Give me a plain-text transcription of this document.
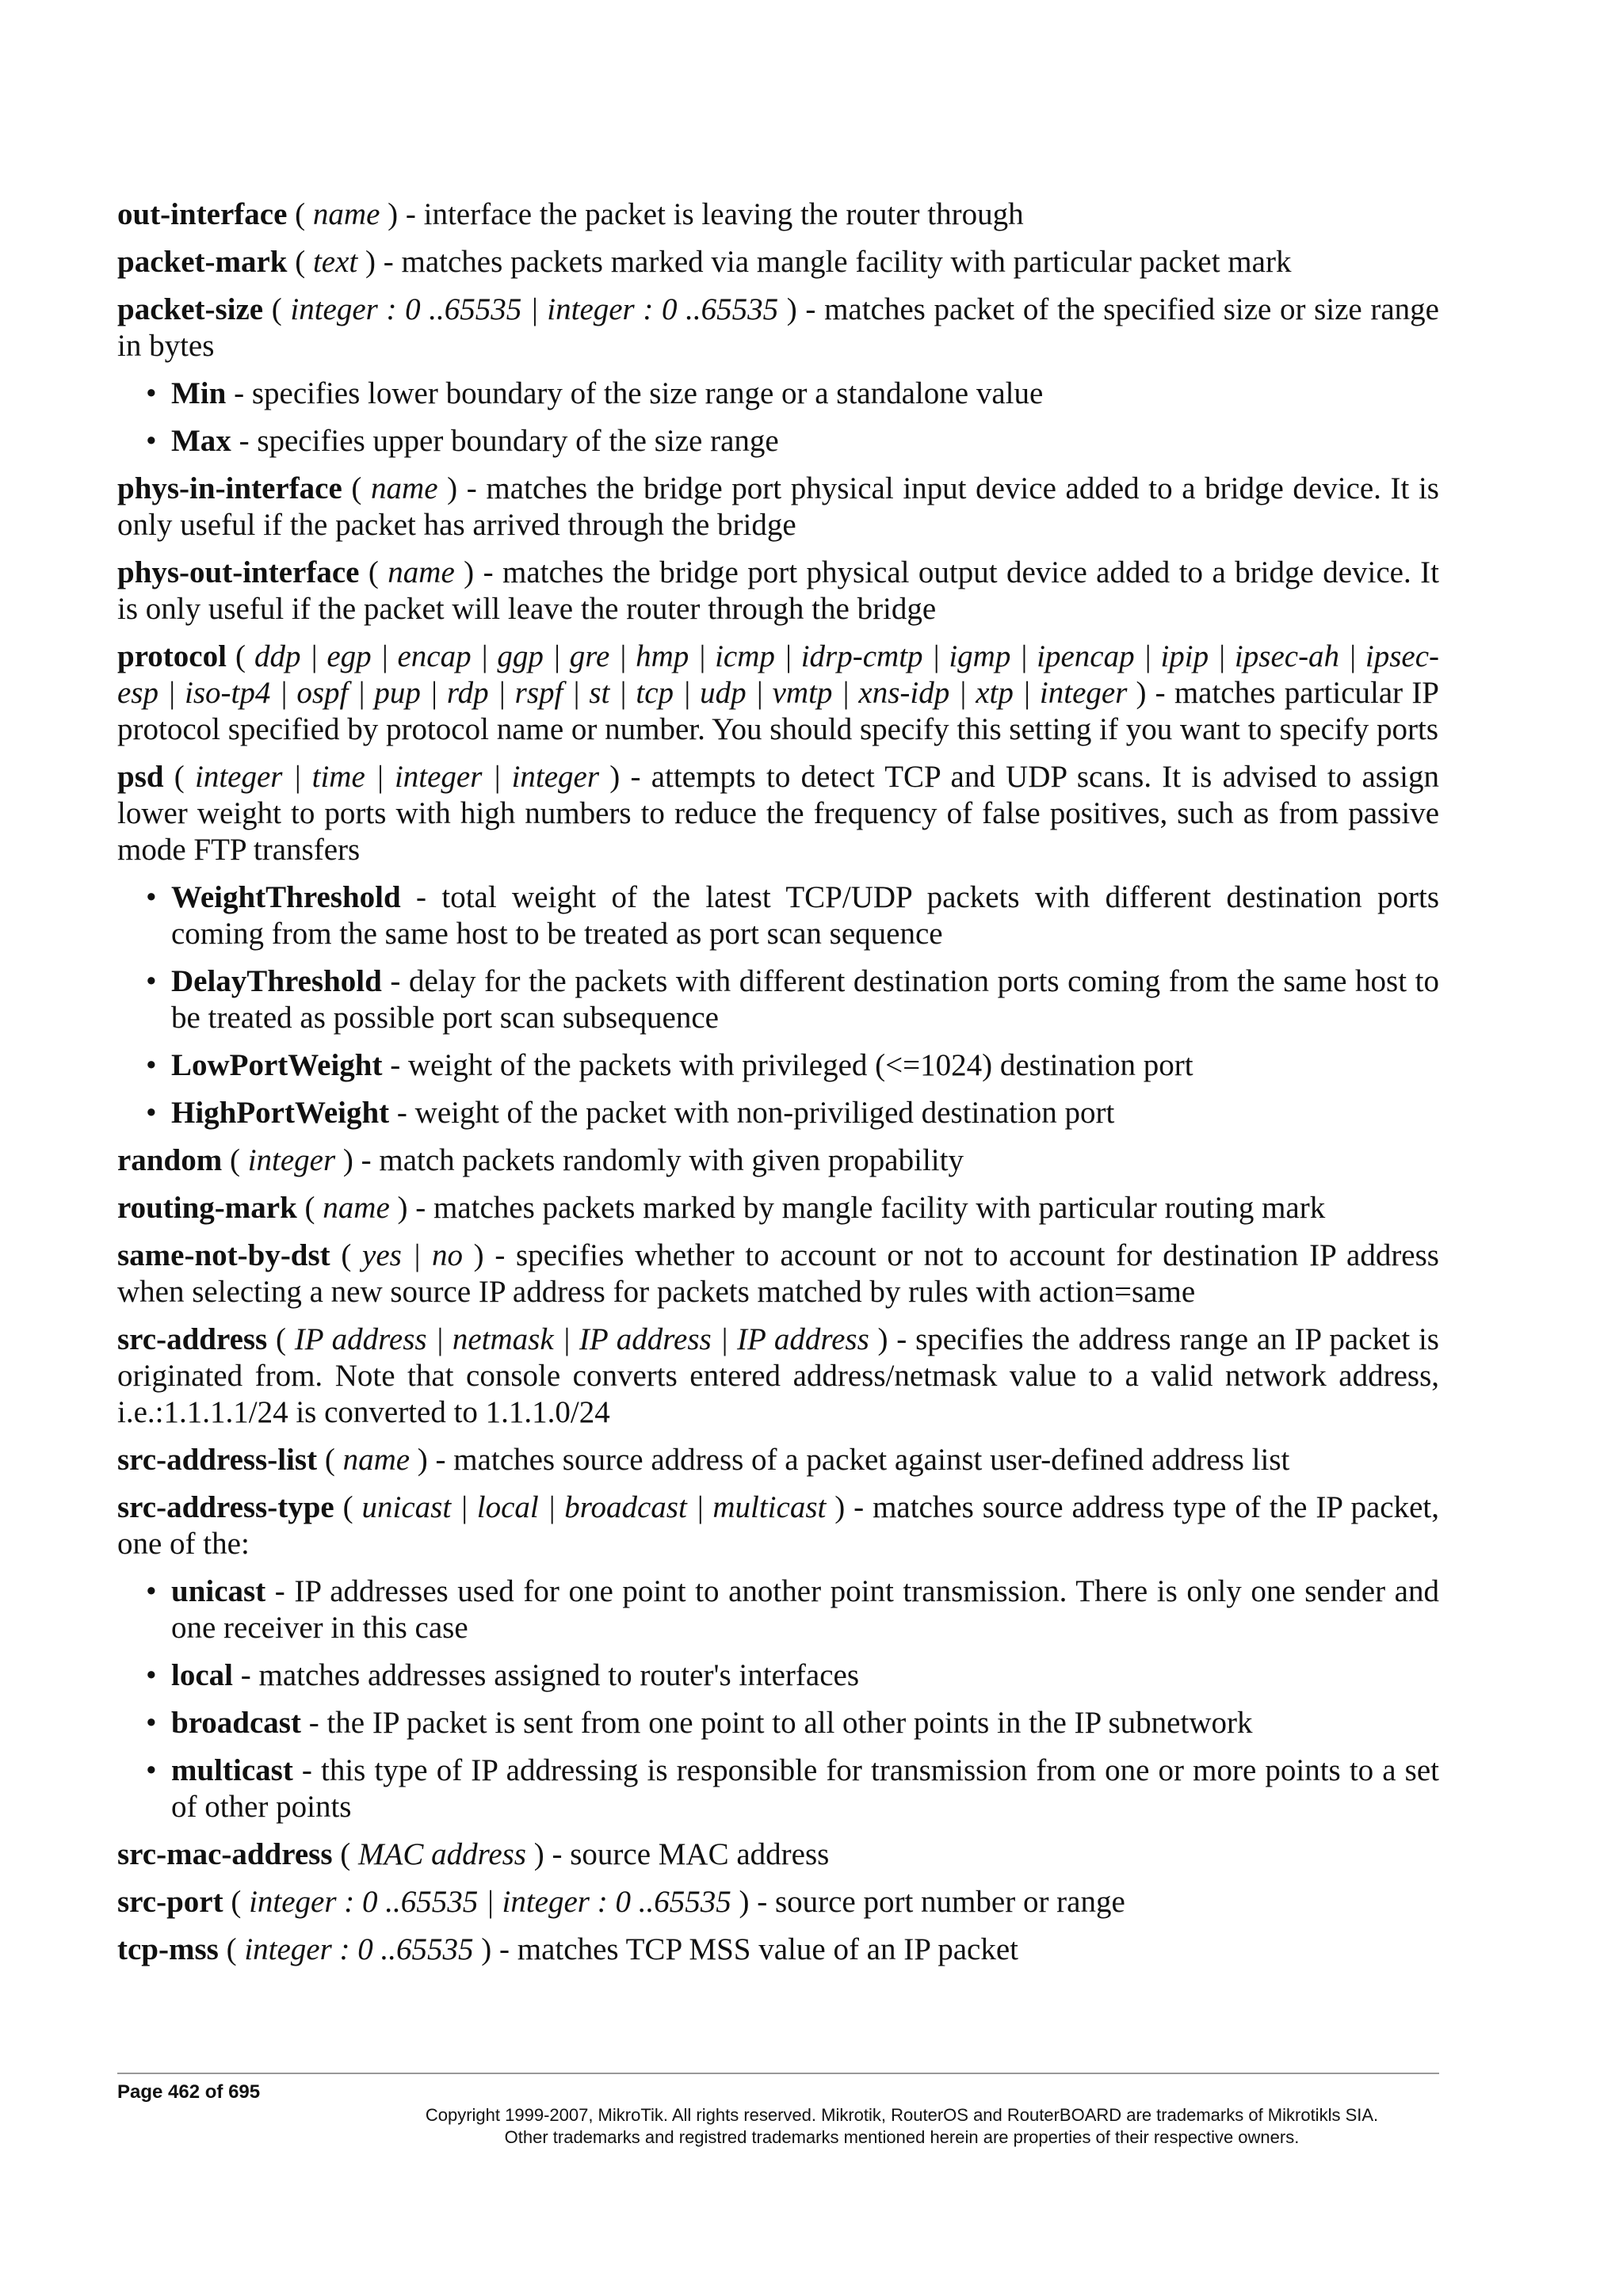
out-interface ( name ) - interface the packet is leaving the router through

packet-mark ( text ) - matches packets marked via mangle facility with particular packet mark

packet-size ( integer : 0 ..65535 | integer : 0 ..65535 ) - matches packet of the specified size or size range in bytes

• Min - specifies lower boundary of the size range or a standalone value
• Max - specifies upper boundary of the size range

phys-in-interface ( name ) - matches the bridge port physical input device added to a bridge device. It is only useful if the packet has arrived through the bridge

phys-out-interface ( name ) - matches the bridge port physical output device added to a bridge device. It is only useful if the packet will leave the router through the bridge

protocol ( ddp | egp | encap | ggp | gre | hmp | icmp | idrp-cmtp | igmp | ipencap | ipip | ipsec-ah | ipsec-esp | iso-tp4 | ospf | pup | rdp | rspf | st | tcp | udp | vmtp | xns-idp | xtp | integer ) - matches particular IP protocol specified by protocol name or number. You should specify this setting if you want to specify ports

psd ( integer | time | integer | integer ) - attempts to detect TCP and UDP scans. It is advised to assign lower weight to ports with high numbers to reduce the frequency of false positives, such as from passive mode FTP transfers

• WeightThreshold - total weight of the latest TCP/UDP packets with different destination ports coming from the same host to be treated as port scan sequence
• DelayThreshold - delay for the packets with different destination ports coming from the same host to be treated as possible port scan subsequence
• LowPortWeight - weight of the packets with privileged (<=1024) destination port
• HighPortWeight - weight of the packet with non-priviliged destination port

random ( integer ) - match packets randomly with given propability

routing-mark ( name ) - matches packets marked by mangle facility with particular routing mark

same-not-by-dst ( yes | no ) - specifies whether to account or not to account for destination IP address when selecting a new source IP address for packets matched by rules with action=same

src-address ( IP address | netmask | IP address | IP address ) - specifies the address range an IP packet is originated from. Note that console converts entered address/netmask value to a valid network address, i.e.:1.1.1.1/24 is converted to 1.1.1.0/24

src-address-list ( name ) - matches source address of a packet against user-defined address list

src-address-type ( unicast | local | broadcast | multicast ) - matches source address type of the IP packet, one of the:

• unicast - IP addresses used for one point to another point transmission. There is only one sender and one receiver in this case
• local - matches addresses assigned to router's interfaces
• broadcast - the IP packet is sent from one point to all other points in the IP subnetwork
• multicast - this type of IP addressing is responsible for transmission from one or more points to a set of other points

src-mac-address ( MAC address ) - source MAC address

src-port ( integer : 0 ..65535 | integer : 0 ..65535 ) - source port number or range

tcp-mss ( integer : 0 ..65535 ) - matches TCP MSS value of an IP packet

Page 462 of 695
Copyright 1999-2007, MikroTik. All rights reserved. Mikrotik, RouterOS and RouterBOARD are trademarks of Mikrotikls SIA.
Other trademarks and registred trademarks mentioned herein are properties of their respective owners.
